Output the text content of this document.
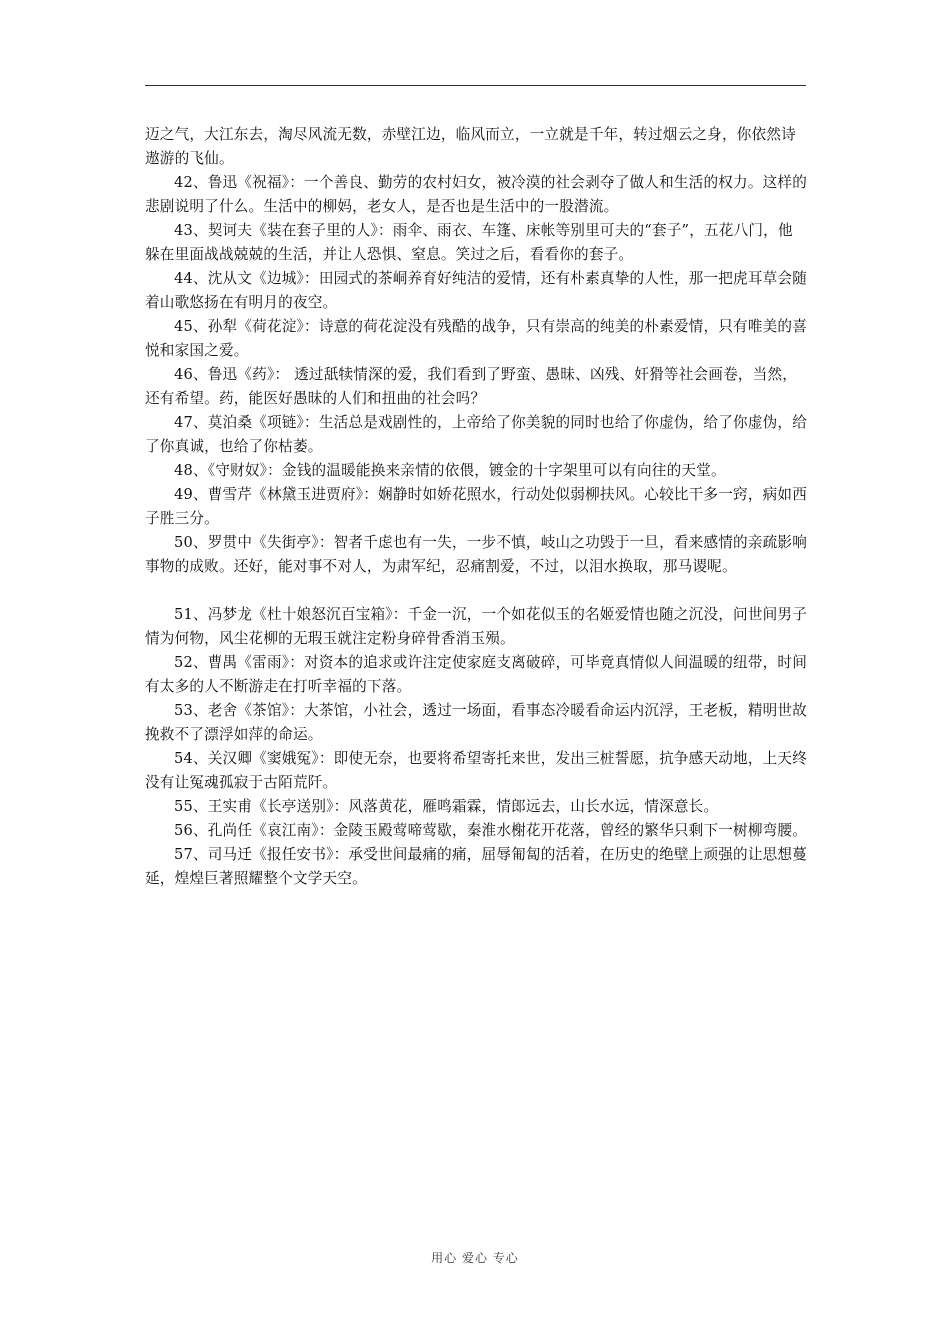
迈之气，大江东去，淘尽风流无数，赤壁江边，临风而立，一立就是千年，转过烟云之身，你依然诗遨游的飞仙。

42、鲁迅《祝福》：一个善良、勤劳的农村妇女，被冷漠的社会剥夺了做人和生活的权力。这样的悲剧说明了什么。生活中的柳妈，老女人，是否也是生活中的一股潜流。

43、契诃夫《装在套子里的人》：雨伞、雨衣、车篷、床帐等别里可夫的“套子”，五花八门，他躲在里面战战兢兢的生活，并让人恐惧、窒息。笑过之后，看看你的套子。

44、沈从文《边城》：田园式的茶峒养育好纯洁的爱情，还有朴素真挚的人性，那一把虎耳草会随着山歌悠扬在有明月的夜空。

45、孙犁《荷花淀》：诗意的荷花淀没有残酷的战争，只有崇高的纯美的朴素爱情，只有唯美的喜悦和家国之爱。

46、鲁迅《药》： 透过舐犊情深的爱，我们看到了野蛮、愚昧、凶残、奸猾等社会画卷，当然，还有希望。药，能医好愚昧的人们和扭曲的社会吗？

47、莫泊桑《项链》：生活总是戏剧性的，上帝给了你美貌的同时也给了你虚伪，给了你虚伪，给了你真诚，也给了你枯萎。

48、《守财奴》：金钱的温暖能换来亲情的依偎，镀金的十字架里可以有向往的天堂。

49、曹雪芹《林黛玉进贾府》：娴静时如娇花照水，行动处似弱柳扶风。心较比干多一窍，病如西子胜三分。

50、罗贯中《失街亭》：智者千虑也有一失，一步不慎，岐山之功毁于一旦，看来感情的亲疏影响事物的成败。还好，能对事不对人，为肃军纪，忍痛割爱，不过，以泪水换取，那马谡呢。

51、冯梦龙《杜十娘怒沉百宝箱》：千金一沉，一个如花似玉的名姬爱情也随之沉没，问世间男子情为何物，风尘花柳的无瑕玉就注定粉身碎骨香消玉殒。

52、曹禺《雷雨》：对资本的追求或许注定使家庭支离破碎，可毕竟真情似人间温暖的纽带，时间有太多的人不断游走在打听幸福的下落。

53、老舍《茶馆》：大茶馆，小社会，透过一场面，看事态冷暖看命运内沉浮，王老板，精明世故挽救不了漂浮如萍的命运。

54、关汉卿《窦娥冤》：即使无奈，也要将希望寄托来世，发出三桩誓愿，抗争感天动地，上天终没有让冤魂孤寂于古陌荒阡。

55、王实甫《长亭送别》：风落黄花，雁鸣霜霖，情郎远去，山长水远，情深意长。

56、孔尚任《哀江南》：金陵玉殿莺啼莺歇，秦淮水榭花开花落，曾经的繁华只剩下一树柳弯腰。

57、司马迁《报任安书》：承受世间最痛的痛，屈辱匍匐的活着，在历史的绝壁上顽强的让思想蔓延，煌煌巨著照耀整个文学天空。

用心 爱心 专心
